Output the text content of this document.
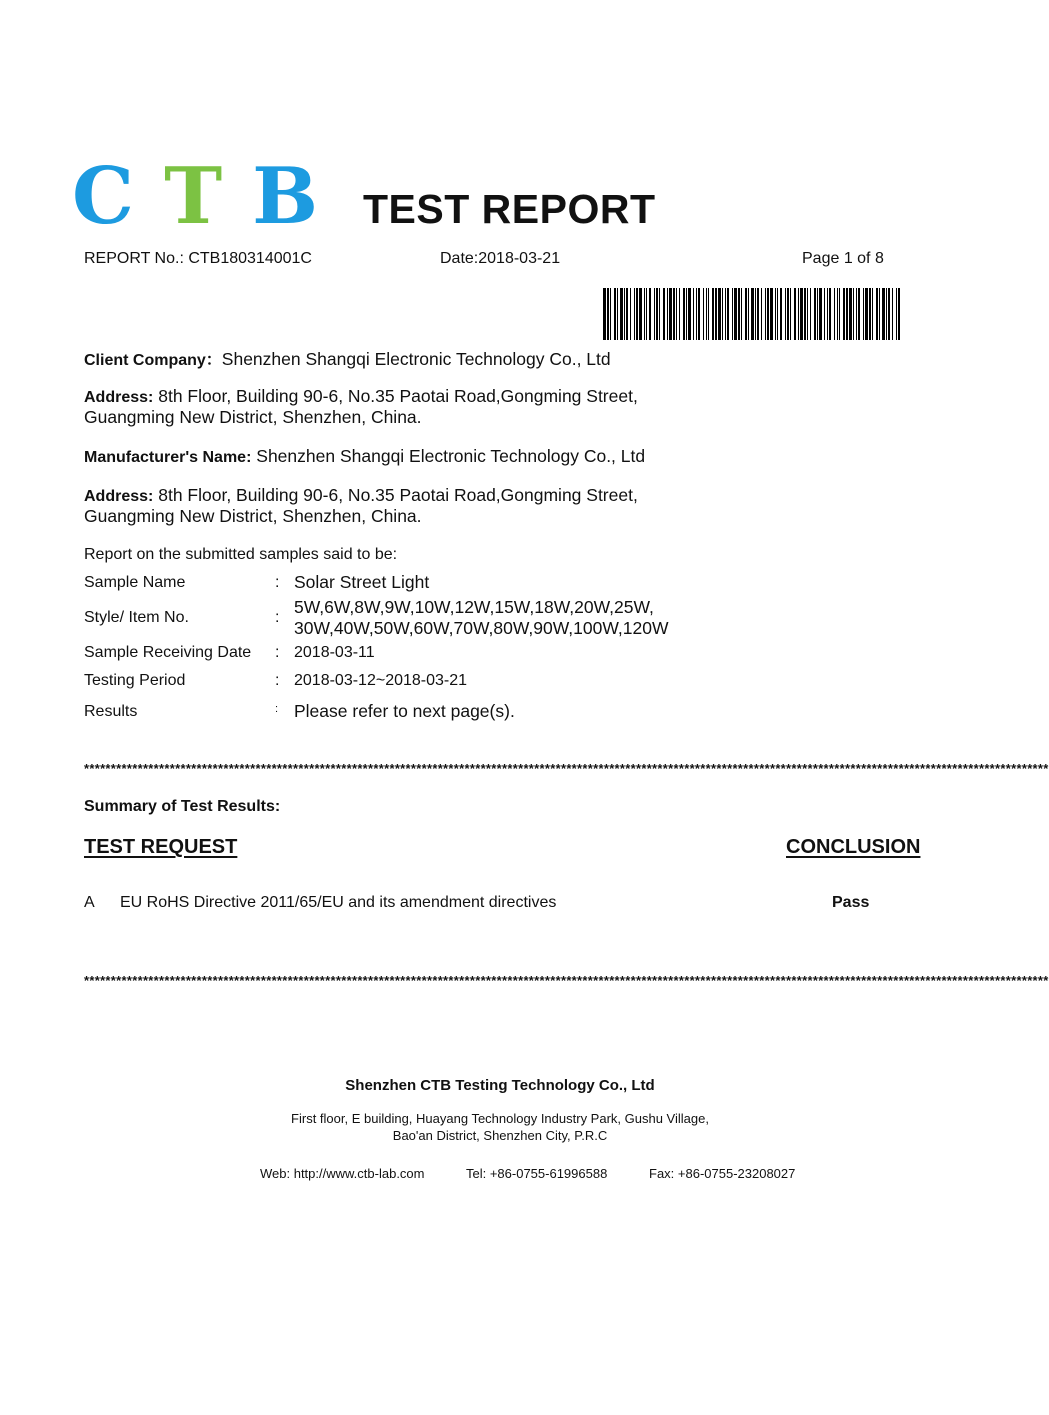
C T B TEST REPORT
REPORT No.: CTB180314001C	Date:2018-03-21	Page 1 of 8
Client Company：Shenzhen Shangqi Electronic Technology Co., Ltd
Address: 8th Floor, Building 90-6, No.35 Paotai Road,Gongming Street,
Guangming New District, Shenzhen, China.
Manufacturer's Name: Shenzhen Shangqi Electronic Technology Co., Ltd
Address: 8th Floor, Building 90-6, No.35 Paotai Road,Gongming Street,
Guangming New District, Shenzhen, China.
Report on the submitted samples said to be:
Sample Name	: Solar Street Light
Style/ Item No.	:
5W,6W,8W,9W,10W,12W,15W,18W,20W,25W,
30W,40W,50W,60W,70W,80W,90W,100W,120W
Sample Receiving Date : 2018-03-11
Testing Period	: 2018-03-12~2018-03-21
Results	: Please refer to next page(s).
************************************************************************************************************************************************************************************
Summary of Test Results:
TEST REQUEST	CONCLUSION
A EU RoHS Directive 2011/65/EU and its amendment directives	Pass
************************************************************************************************************************************************************************************
Shenzhen CTB Testing Technology Co., Ltd
First floor, E building, Huayang Technology Industry Park, Gushu Village,
Bao'an District, Shenzhen City, P.R.C
Web: http://www.ctb-lab.com	Tel: +86-0755-61996588	Fax: +86-0755-23208027
